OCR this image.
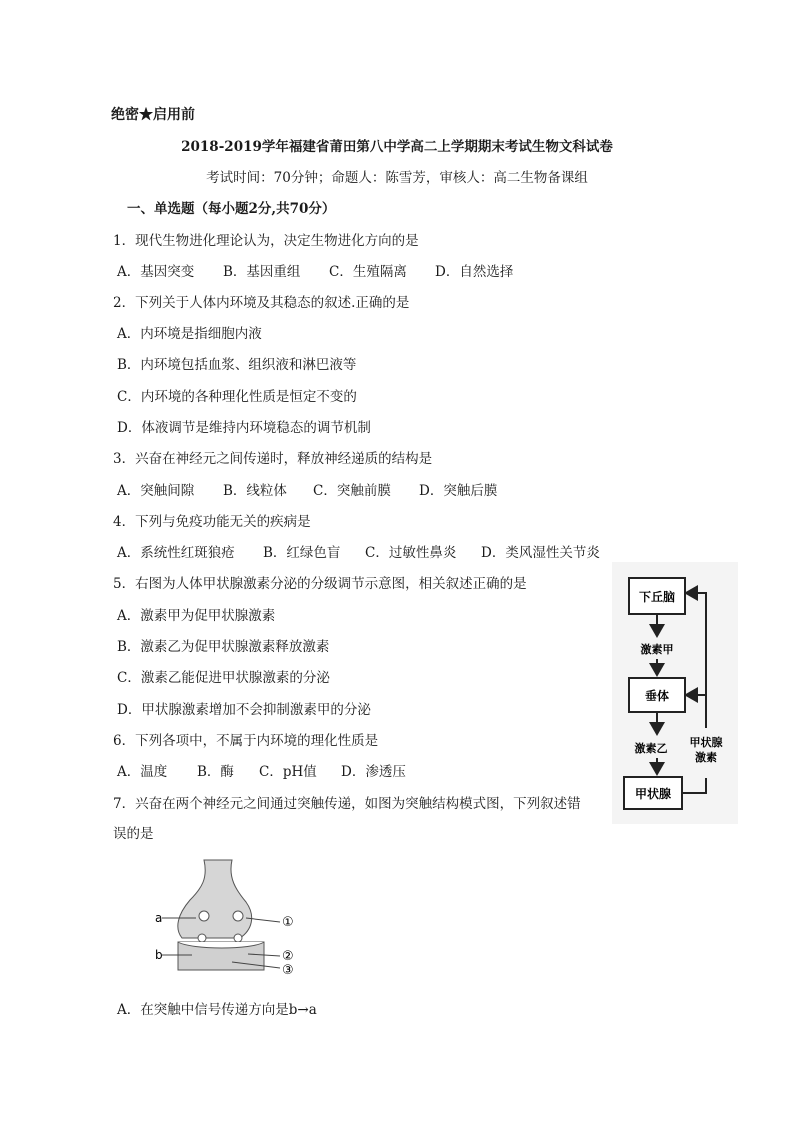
绝密★启用前
2018-2019学年福建省莆田第八中学高二上学期期末考试生物文科试卷
考试时间：70分钟；命题人：陈雪芳，审核人：高二生物备课组
一、单选题（每小题2分,共70分）
1．现代生物进化理论认为，决定生物进化方向的是
A．基因突变 B．基因重组 C．生殖隔离 D．自然选择
2．下列关于人体内环境及其稳态的叙述.正确的是
A．内环境是指细胞内液
B．内环境包括血浆、组织液和淋巴液等
C．内环境的各种理化性质是恒定不变的
D．体液调节是维持内环境稳态的调节机制
3．兴奋在神经元之间传递时，释放神经递质的结构是
A．突触间隙 B．线粒体 C．突触前膜 D．突触后膜
4．下列与免疫功能无关的疾病是
A．系统性红斑狼疮 B．红绿色盲 C．过敏性鼻炎 D．类风湿性关节炎
5．右图为人体甲状腺激素分泌的分级调节示意图，相关叙述正确的是
A．激素甲为促甲状腺激素
B．激素乙为促甲状腺激素释放激素
C．激素乙能促进甲状腺激素的分泌
D．甲状腺激素增加不会抑制激素甲的分泌
6．下列各项中，不属于内环境的理化性质是
A．温度 B．酶 C．pH值 D．渗透压
7．兴奋在两个神经元之间通过突触传递，如图为突触结构模式图，下列叙述错
误的是
A．在突触中信号传递方向是b→a
下丘脑
激素甲
垂体
激素乙
甲状腺
甲状腺
激素
a
b
①
②
③
